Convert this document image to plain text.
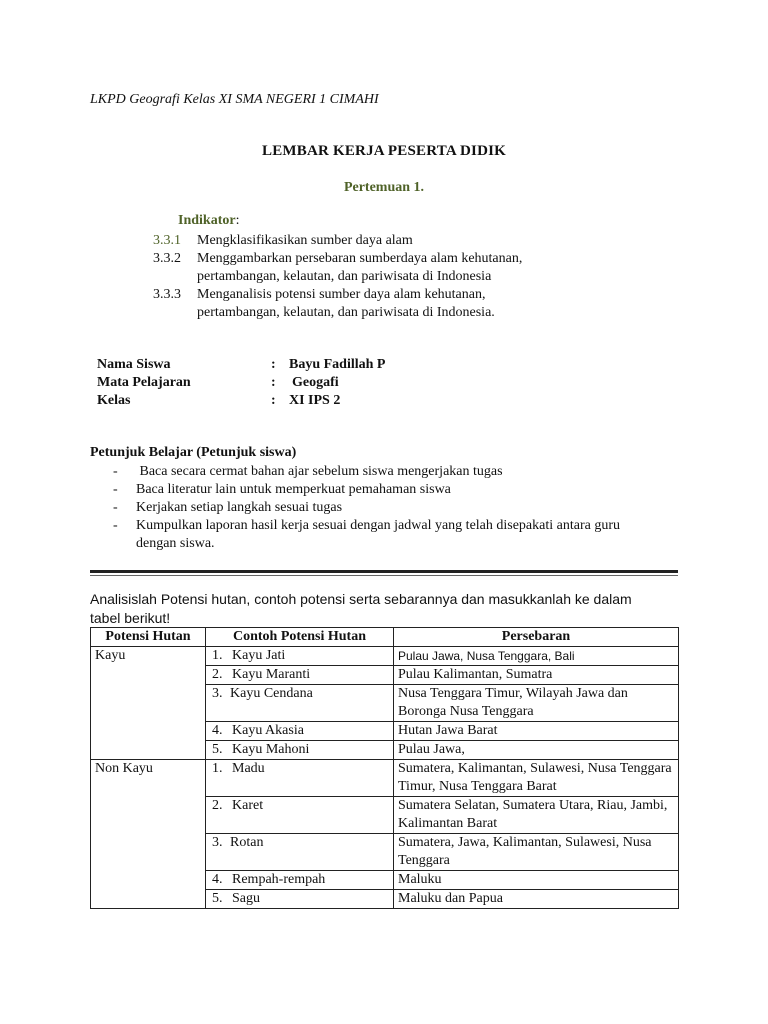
LKPD Geografi Kelas XI SMA NEGERI 1 CIMAHI
LEMBAR KERJA PESERTA DIDIK
Pertemuan 1.
Indikator:
3.3.1	Mengklasifikasikan sumber daya alam
3.3.2	Menggambarkan persebaran sumberdaya alam kehutanan,
pertambangan, kelautan, dan pariwisata di Indonesia
3.3.3	Menganalisis potensi sumber daya alam kehutanan,
pertambangan, kelautan, dan pariwisata di Indonesia.
Nama Siswa	: Bayu Fadillah P
Mata Pelajaran	:	Geogafi
Kelas	: XI IPS 2
Petunjuk Belajar (Petunjuk siswa)
-	Baca secara cermat bahan ajar sebelum siswa mengerjakan tugas
-	Baca literatur lain untuk memperkuat pemahaman siswa
-	Kerjakan setiap langkah sesuai tugas
-	Kumpulkan laporan hasil kerja sesuai dengan jadwal yang telah disepakati antara guru
dengan siswa.
Analisislah Potensi hutan, contoh potensi serta sebarannya dan masukkanlah ke dalam tabel berikut!
Potensi Hutan	Contoh Potensi Hutan	Persebaran
Kayu	1. Kayu Jati	Pulau Jawa, Nusa Tenggara, Bali

	2. Kayu Maranti	Pulau Kalimantan, Sumatra

	3. Kayu Cendana	Nusa Tenggara Timur, Wilayah Jawa dan Boronga Nusa Tenggara

	4. Kayu Akasia	Hutan Jawa Barat

	5. Kayu Mahoni	Pulau Jawa,
Non Kayu	1. Madu	Sumatera, Kalimantan, Sulawesi, Nusa Tenggara Timur, Nusa Tenggara Barat

	2. Karet	Sumatera Selatan, Sumatera Utara, Riau, Jambi, Kalimantan Barat

	3. Rotan	Sumatera, Jawa, Kalimantan, Sulawesi, Nusa Tenggara

	4. Rempah-rempah	Maluku

	5. Sagu	Maluku dan Papua
